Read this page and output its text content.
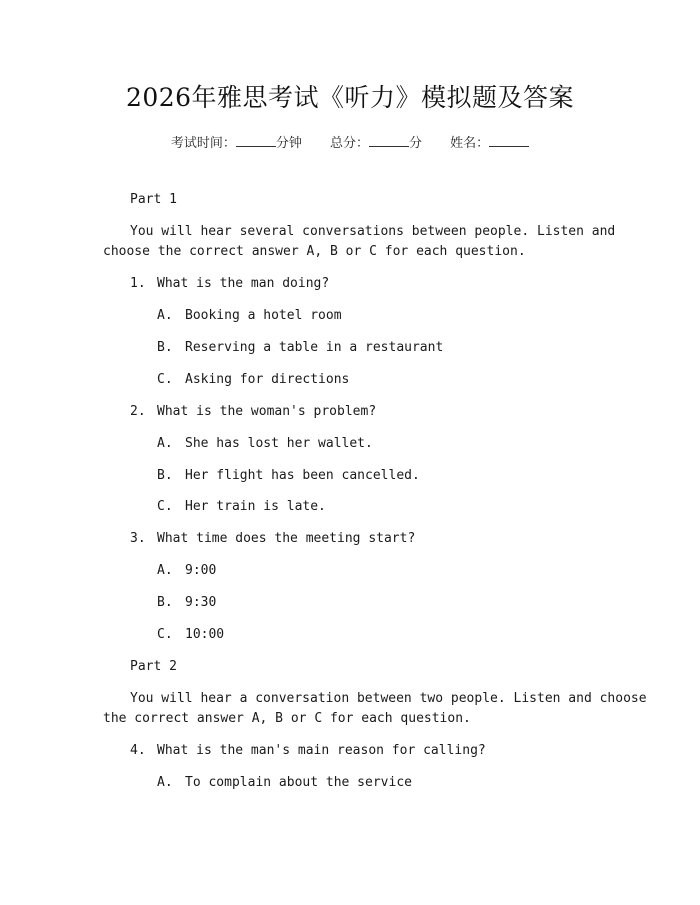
2026年雅思考试《听力》模拟题及答案
考试时间：	分钟 总分：	分 姓名：
Part 1
You will hear several conversations between people. Listen and
choose the correct answer A, B or C for each question.
1. What is the man doing?
A. Booking a hotel room
B. Reserving a table in a restaurant
C. Asking for directions
2. What is the woman's problem?
A. She has lost her wallet.
B. Her flight has been cancelled.
C. Her train is late.
3. What time does the meeting start?
A. 9:00
B. 9:30
C. 10:00
Part 2
You will hear a conversation between two people. Listen and choose
the correct answer A, B or C for each question.
4. What is the man's main reason for calling?
A. To complain about the service
